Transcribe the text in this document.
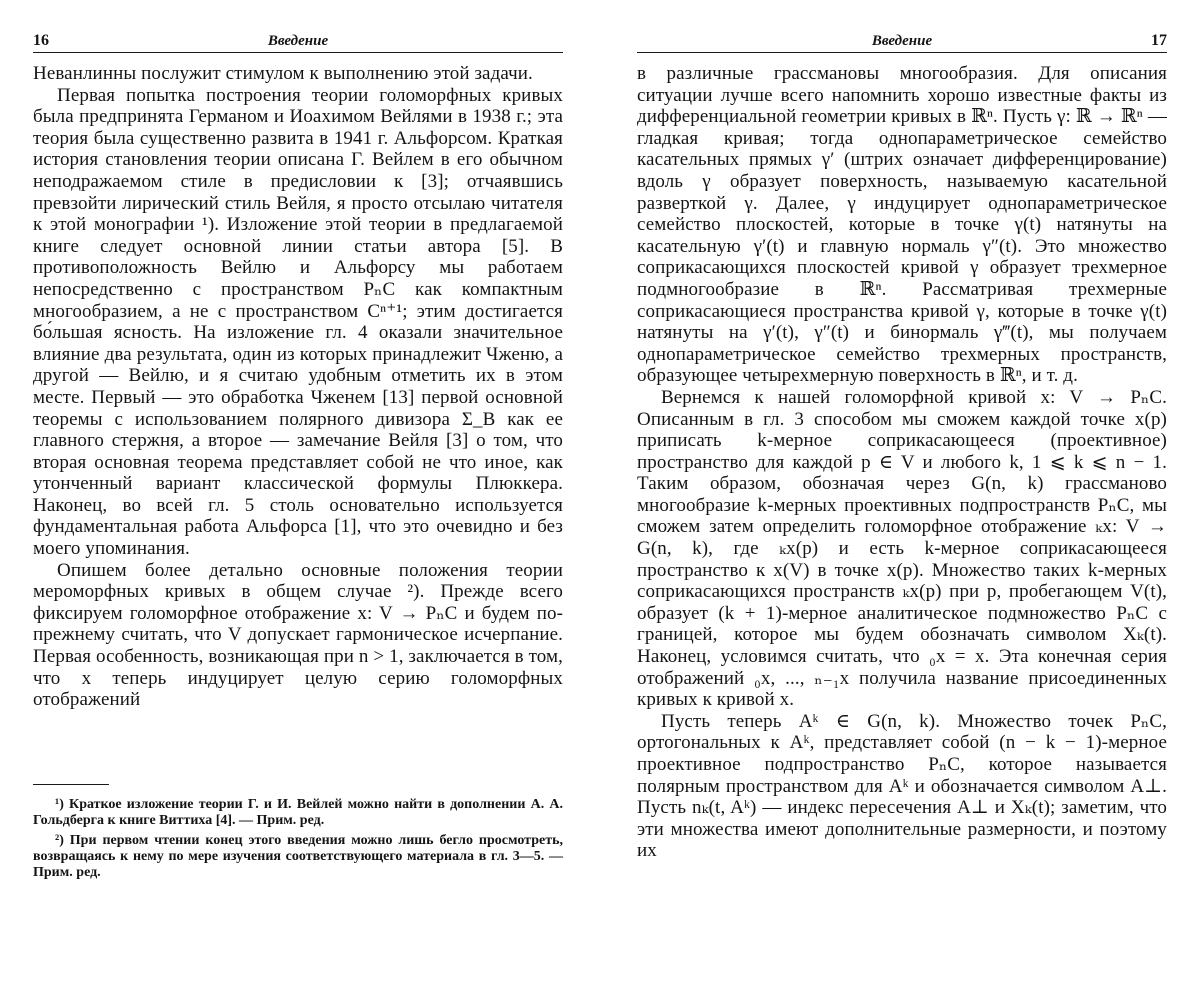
16	Введение

Неванлинны послужит стимулом к выполнению этой задачи.

Первая попытка построения теории голоморфных кривых была предпринята Германом и Иоахимом Вейлями в 1938 г.; эта теория была существенно развита в 1941 г. Альфорсом. Краткая история становления теории описана Г. Вейлем в его обычном неподражаемом стиле в предисловии к [3]; отчаявшись превзойти лирический стиль Вейля, я просто отсылаю читателя к этой монографии ¹). Изложение этой теории в предлагаемой книге следует основной линии статьи автора [5]. В противоположность Вейлю и Альфорсу мы работаем непосредственно с пространством PₙC как компактным многообразием, а не с пространством Cⁿ⁺¹; этим достигается бо́льшая ясность. На изложение гл. 4 оказали значительное влияние два результата, один из которых принадлежит Чженю, а другой — Вейлю, и я считаю удобным отметить их в этом месте. Первый — это обработка Чженем [13] первой основной теоремы с использованием полярного дивизора Σ_B как ее главного стержня, а второе — замечание Вейля [3] о том, что вторая основная теорема представляет собой не что иное, как утонченный вариант классической формулы Плюккера. Наконец, во всей гл. 5 столь основательно используется фундаментальная работа Альфорса [1], что это очевидно и без моего упоминания.

Опишем более детально основные положения теории мероморфных кривых в общем случае ²). Прежде всего фиксируем голоморфное отображение x: V → PₙC и будем по-прежнему считать, что V допускает гармоническое исчерпание. Первая особенность, возникающая при n > 1, заключается в том, что x теперь индуцирует целую серию голоморфных отображений

¹) Краткое изложение теории Г. и И. Вейлей можно найти в дополнении А. А. Гольдберга к книге Виттиха [4]. — Прим. ред.

²) При первом чтении конец этого введения можно лишь бегло просмотреть, возвращаясь к нему по мере изучения соответствующего материала в гл. 3—5. — Прим. ред.

Введение	17

в различные грассмановы многообразия. Для описания ситуации лучше всего напомнить хорошо известные факты из дифференциальной геометрии кривых в ℝⁿ. Пусть γ: ℝ → ℝⁿ — гладкая кривая; тогда однопараметрическое семейство касательных прямых γ′ (штрих означает дифференцирование) вдоль γ образует поверхность, называемую касательной разверткой γ. Далее, γ индуцирует однопараметрическое семейство плоскостей, которые в точке γ(t) натянуты на касательную γ′(t) и главную нормаль γ″(t). Это множество соприкасающихся плоскостей кривой γ образует трехмерное подмногообразие в ℝⁿ. Рассматривая трехмерные соприкасающиеся пространства кривой γ, которые в точке γ(t) натянуты на γ′(t), γ″(t) и бинормаль γ‴(t), мы получаем однопараметрическое семейство трехмерных пространств, образующее четырехмерную поверхность в ℝⁿ, и т. д.

Вернемся к нашей голоморфной кривой x: V → PₙC. Описанным в гл. 3 способом мы сможем каждой точке x(p) приписать k-мерное соприкасающееся (проективное) пространство для каждой p ∈ V и любого k, 1 ⩽ k ⩽ n − 1. Таким образом, обозначая через G(n, k) грассманово многообразие k-мерных проективных подпространств PₙC, мы сможем затем определить голоморфное отображение ₖx: V → G(n, k), где ₖx(p) и есть k-мерное соприкасающееся пространство к x(V) в точке x(p). Множество таких k-мерных соприкасающихся пространств ₖx(p) при p, пробегающем V(t), образует (k + 1)-мерное аналитическое подмножество PₙC с границей, которое мы будем обозначать символом Xₖ(t). Наконец, условимся считать, что ₀x = x. Эта конечная серия отображений ₀x, ..., ₙ₋₁x получила название присоединенных кривых к кривой x.

Пусть теперь Aᵏ ∈ G(n, k). Множество точек PₙC, ортогональных к Aᵏ, представляет собой (n − k − 1)-мерное проективное подпространство PₙC, которое называется полярным пространством для Aᵏ и обозначается символом A⊥. Пусть nₖ(t, Aᵏ) — индекс пересечения A⊥ и Xₖ(t); заметим, что эти множества имеют дополнительные размерности, и поэтому их
